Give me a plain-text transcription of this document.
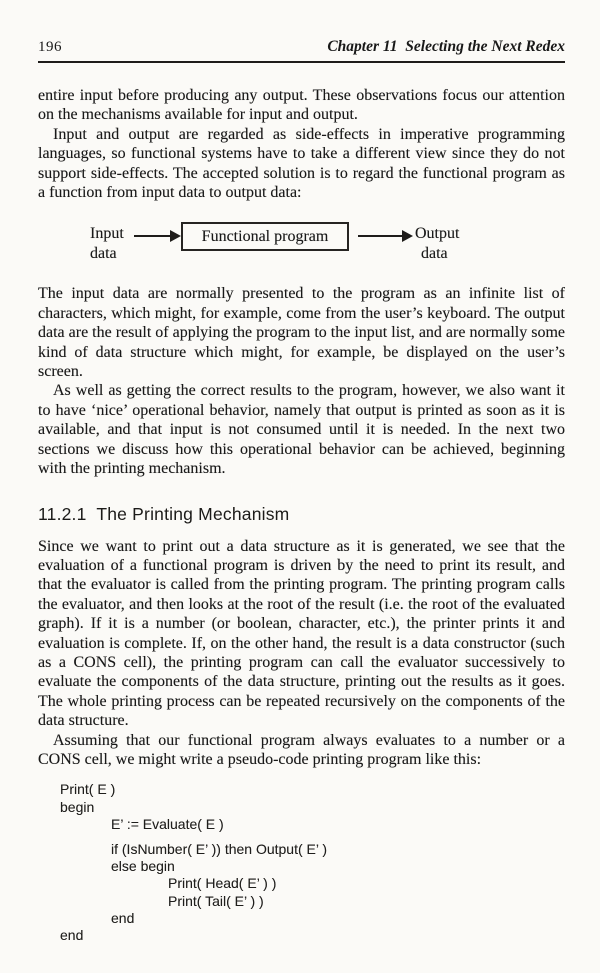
196	Chapter 11  Selecting the Next Redex

entire input before producing any output. These observations focus our attention on the mechanisms available for input and output.

Input and output are regarded as side-effects in imperative programming languages, so functional systems have to take a different view since they do not support side-effects. The accepted solution is to regard the functional program as a function from input data to output data:

Input
data
Functional program	Output
data

The input data are normally presented to the program as an infinite list of characters, which might, for example, come from the user’s keyboard. The output data are the result of applying the program to the input list, and are normally some kind of data structure which might, for example, be displayed on the user’s screen.

As well as getting the correct results to the program, however, we also want it to have ‘nice’ operational behavior, namely that output is printed as soon as it is available, and that input is not consumed until it is needed. In the next two sections we discuss how this operational behavior can be achieved, beginning with the printing mechanism.

11.2.1  The Printing Mechanism

Since we want to print out a data structure as it is generated, we see that the evaluation of a functional program is driven by the need to print its result, and that the evaluator is called from the printing program. The printing program calls the evaluator, and then looks at the root of the result (i.e. the root of the evaluated graph). If it is a number (or boolean, character, etc.), the printer prints it and evaluation is complete. If, on the other hand, the result is a data constructor (such as a CONS cell), the printing program can call the evaluator successively to evaluate the components of the data structure, printing out the results as it goes. The whole printing process can be repeated recursively on the components of the data structure.

Assuming that our functional program always evaluates to a number or a CONS cell, we might write a pseudo-code printing program like this:

Print( E )
begin
E’ := Evaluate( E )
if (IsNumber( E’ )) then Output( E’ )
else begin
Print( Head( E’ ) )
Print( Tail( E’ ) )
end
end
